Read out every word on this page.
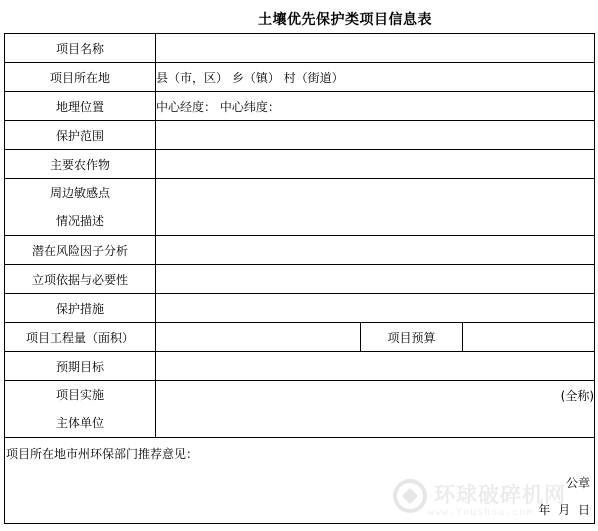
土壤优先保护类项目信息表
项目名称			
项目所在地	县（市，区） 乡（镇） 村（街道）		
地理位置	中心经度： 中心纬度：		
保护范围			
主要农作物			

周边敏感点
情况描述			

潜在风险因子分析			
立项依据与必要性			
保护措施			
项目工程量（面积）		项目预算	
预期目标			

项目实施
主体单位	(全称)		

项目所在地市州环保部门推荐意见：
公章
年 月 日			
环球破碎机网
www.Youshou.com
